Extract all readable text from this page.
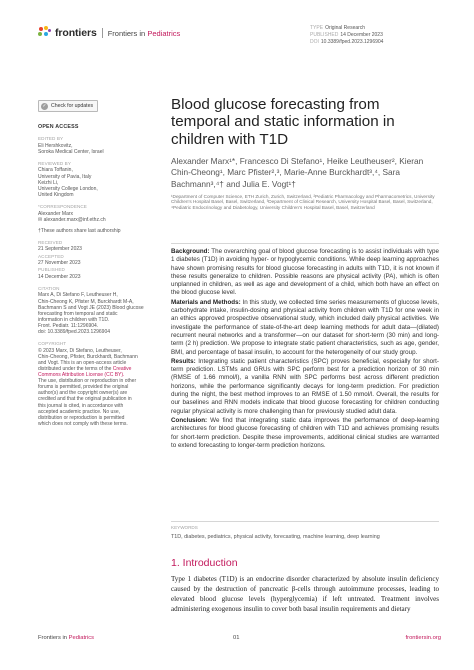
frontiers Frontiers in Pediatrics
TYPE Original Research
PUBLISHED 14 December 2023
DOI 10.3389/fped.2023.1296904
✓ Check for updates
OPEN ACCESS
EDITED BY
Eli Hershkovitz,
Soroka Medical Center, Israel
REVIEWED BY
Chiara Toffanin,
University of Pavia, Italy
Keizhi Li,
University College London,
United Kingdom
*CORRESPONDENCE
Alexander Marx
✉ alexander.marx@inf.ethz.ch
†These authors share last authorship
RECEIVED
21 September 2023
ACCEPTED
27 November 2023
PUBLISHED
14 December 2023
CITATION
Marx A, Di Stefano F, Leutheuser H,
Chin-Cheong K, Pfister M, Burckhardt M-A,
Bachmann S and Vogt JE (2023) Blood glucose
forecasting from temporal and static
information in children with T1D.
Front. Pediatr. 11:1296904.
doi: 10.3389/fped.2023.1296904
COPYRIGHT
© 2023 Marx, Di Stefano, Leutheuser,
Chin-Cheong, Pfister, Burckhardt, Bachmann
and Vogt. This is an open-access article
distributed under the terms of the Creative Commons Attribution License (CC BY).
The use, distribution or reproduction in other
forums is permitted, provided the original
author(s) and the copyright owner(s) are
credited and that the original publication in
this journal is cited, in accordance with
accepted academic practice. No use,
distribution or reproduction is permitted
which does not comply with these terms.
Blood glucose forecasting from temporal and static information in children with T1D
Alexander Marx¹*, Francesco Di Stefano¹, Heike Leutheuser², Kieran Chin-Cheong¹, Marc Pfister²,³, Marie-Anne Burckhardt³,⁴, Sara Bachmann³,⁴† and Julia E. Vogt¹†
¹Department of Computer Science, ETH Zurich, Zurich, Switzerland, ²Pediatric Pharmacology and Pharmacometrics, University Children's Hospital Basel, Basel, Switzerland, ³Department of Clinical Research, University Hospital Basel, Basel, Switzerland, ⁴Pediatric Endocrinology and Diabetology, University Children's Hospital Basel, Basel, Switzerland

Background: The overarching goal of blood glucose forecasting is to assist individuals with type 1 diabetes (T1D) in avoiding hyper- or hypoglycemic conditions. While deep learning approaches have shown promising results for blood glucose forecasting in adults with T1D, it is not known if these results generalize to children. Possible reasons are physical activity (PA), which is often unplanned in children, as well as age and development of a child, which both have an effect on the blood glucose level.

Materials and Methods: In this study, we collected time series measurements of glucose levels, carbohydrate intake, insulin-dosing and physical activity from children with T1D for one week in an ethics approved prospective observational study, which included daily physical activities. We investigate the performance of state-of-the-art deep learning methods for adult data—(dilated) recurrent neural networks and a transformer—on our dataset for short-term (30 min) and long-term (2 h) prediction. We propose to integrate static patient characteristics, such as age, gender, BMI, and percentage of basal insulin, to account for the heterogeneity of our study group.

Results: Integrating static patient characteristics (SPC) proves beneficial, especially for short-term prediction. LSTMs and GRUs with SPC perform best for a prediction horizon of 30 min (RMSE of 1.66 mmol/l), a vanilla RNN with SPC performs best across different prediction horizons, while the performance significantly decays for long-term prediction. For prediction during the night, the best method improves to an RMSE of 1.50 mmol/l. Overall, the results for our baselines and RNN models indicate that blood glucose forecasting for children conducting regular physical activity is more challenging than for previously studied adult data.

Conclusion: We find that integrating static data improves the performance of deep-learning architectures for blood glucose forecasting of children with T1D and achieves promising results for short-term prediction. Despite these improvements, additional clinical studies are warranted to extend forecasting to longer-term prediction horizons.

KEYWORDS
T1D, diabetes, pediatrics, physical activity, forecasting, machine learning, deep learning
1. Introduction
Type 1 diabetes (T1D) is an endocrine disorder characterized by absolute insulin deficiency caused by the destruction of pancreatic β-cells through autoimmune processes, leading to elevated blood glucose levels (hyperglycemia) if left untreated. Treatment involves administering exogenous insulin to cover both basal insulin requirements and dietary
Frontiers in Pediatrics	01	frontiersin.org
